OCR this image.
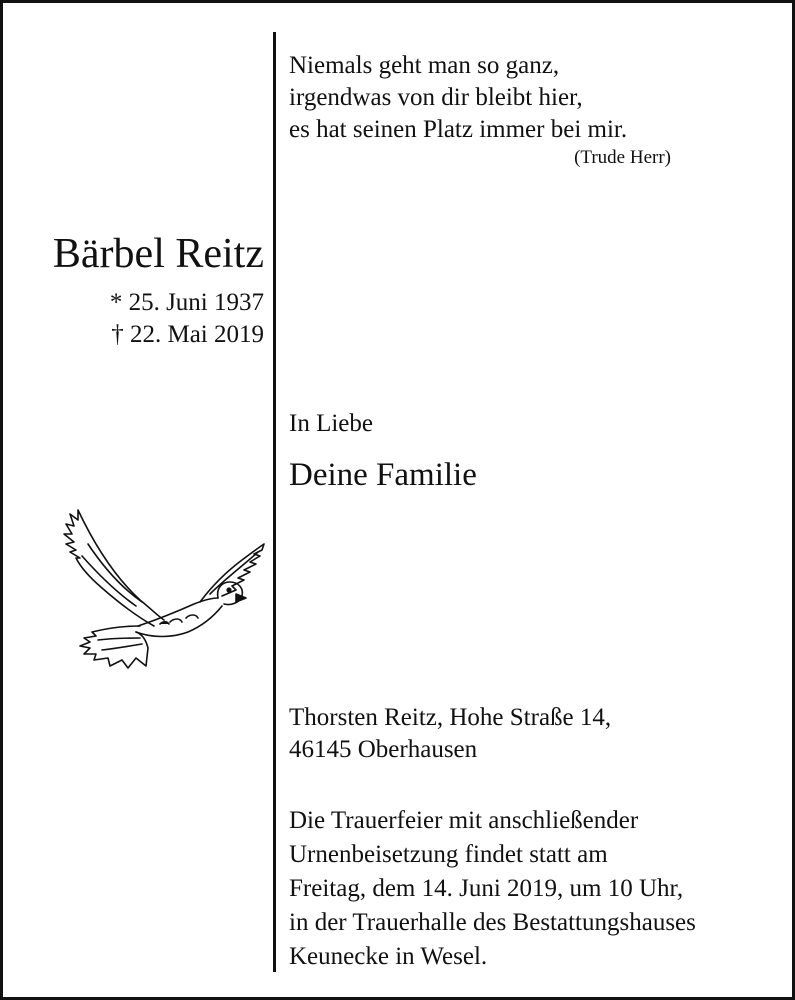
Niemals geht man so ganz,
irgendwas von dir bleibt hier,
es hat seinen Platz immer bei mir.
(Trude Herr)
Bärbel Reitz
* 25. Juni 1937
† 22. Mai 2019
In Liebe
Deine Familie
Thorsten Reitz, Hohe Straße 14,
46145 Oberhausen
Die Trauerfeier mit anschließender
Urnenbeisetzung findet statt am
Freitag, dem 14. Juni 2019, um 10 Uhr,
in der Trauerhalle des Bestattungshauses
Keunecke in Wesel.
